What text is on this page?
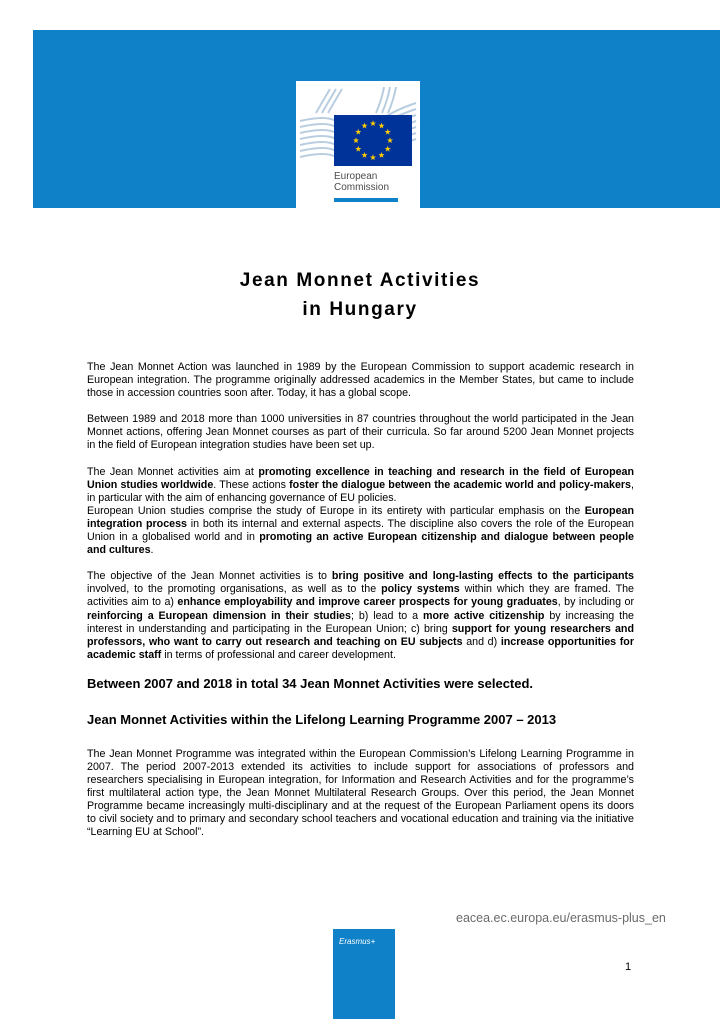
European
Commission
Jean Monnet Activities
in Hungary

The Jean Monnet Action was launched in 1989 by the European Commission to support academic research in European integration. The programme originally addressed academics in the Member States, but came to include those in accession countries soon after. Today, it has a global scope.

Between 1989 and 2018 more than 1000 universities in 87 countries throughout the world participated in the Jean Monnet actions, offering Jean Monnet courses as part of their curricula. So far around 5200 Jean Monnet projects in the field of European integration studies have been set up.

The Jean Monnet activities aim at promoting excellence in teaching and research in the field of European Union studies worldwide. These actions foster the dialogue between the academic world and policy-makers, in particular with the aim of enhancing governance of EU policies.

European Union studies comprise the study of Europe in its entirety with particular emphasis on the European integration process in both its internal and external aspects. The discipline also covers the role of the European Union in a globalised world and in promoting an active European citizenship and dialogue between people and cultures.

The objective of the Jean Monnet activities is to bring positive and long-lasting effects to the participants involved, to the promoting organisations, as well as to the policy systems within which they are framed. The activities aim to a) enhance employability and improve career prospects for young graduates, by including or reinforcing a European dimension in their studies; b) lead to a more active citizenship by increasing the interest in understanding and participating in the European Union; c) bring support for young researchers and professors, who want to carry out research and teaching on EU subjects and d) increase opportunities for academic staff in terms of professional and career development.

Between 2007 and 2018 in total 34 Jean Monnet Activities were selected.
Jean Monnet Activities within the Lifelong Learning Programme 2007 – 2013

The Jean Monnet Programme was integrated within the European Commission’s Lifelong Learning Programme in 2007. The period 2007-2013 extended its activities to include support for associations of professors and researchers specialising in European integration, for Information and Research Activities and for the programme’s first multilateral action type, the Jean Monnet Multilateral Research Groups. Over this period, the Jean Monnet Programme became increasingly multi-disciplinary and at the request of the European Parliament opens its doors to civil society and to primary and secondary school teachers and vocational education and training via the initiative “Learning EU at School”.

eacea.ec.europa.eu/erasmus-plus_en
Erasmus+
1
